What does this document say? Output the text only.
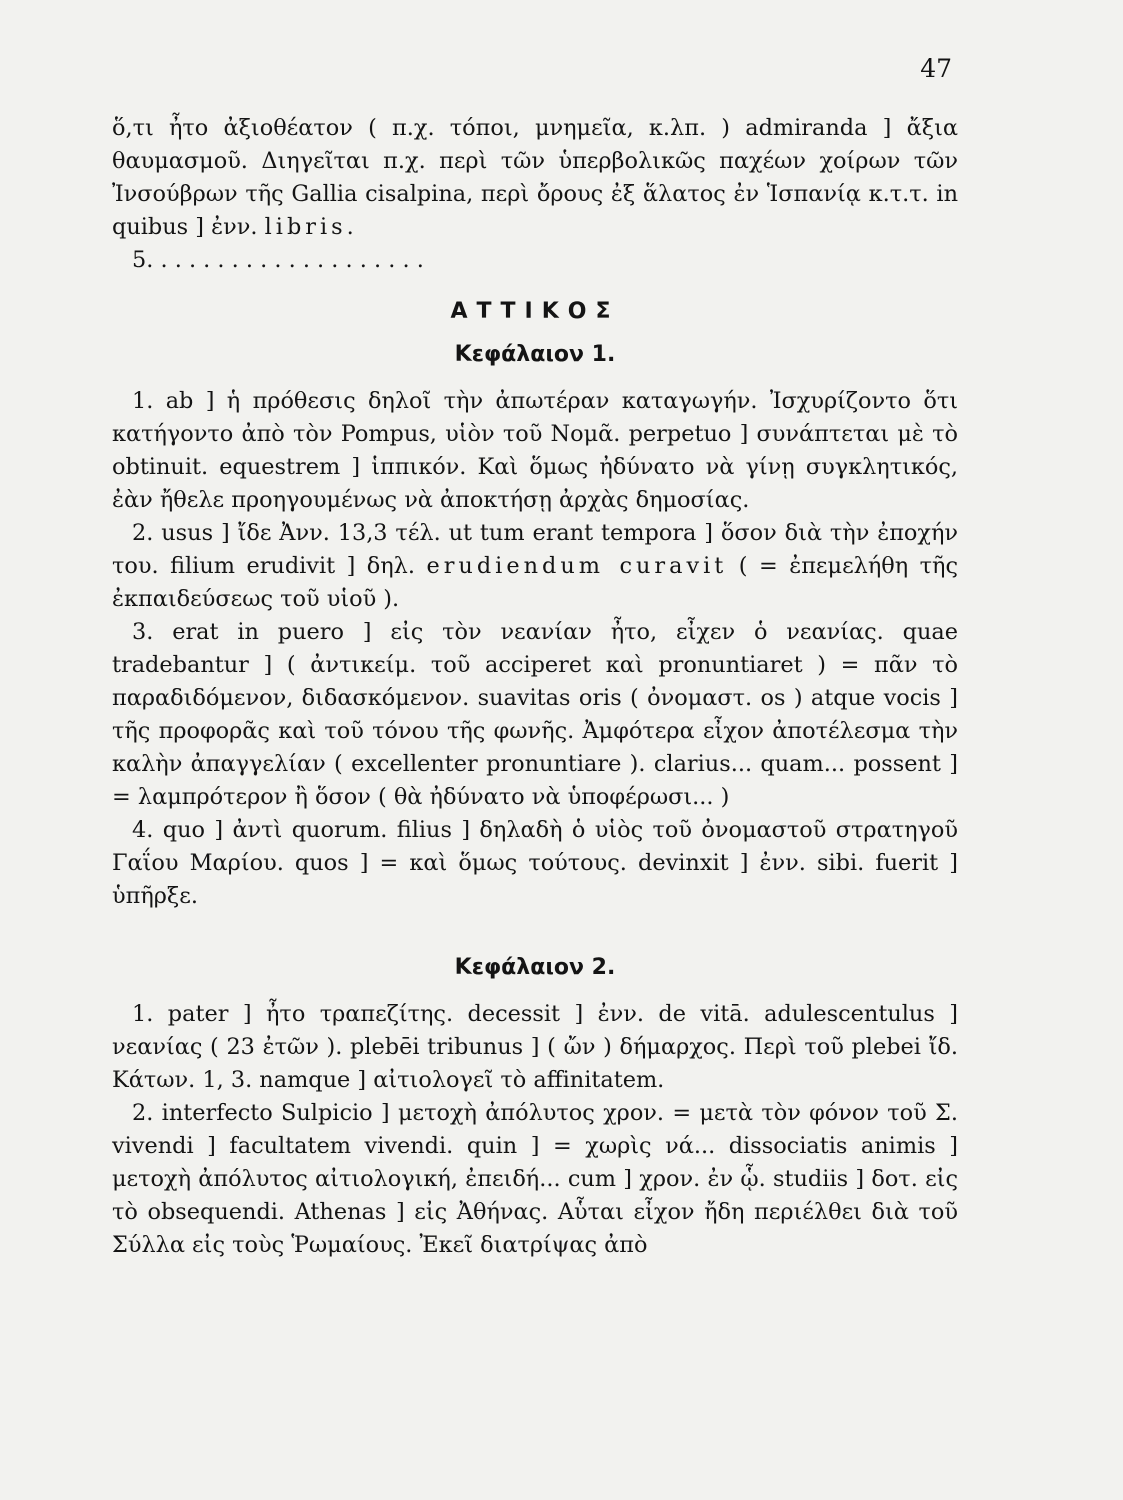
47

ὅ,τι ἦτο ἀξιοθέατον ( π.χ. τόποι, μνημεῖα, κ.λπ. ) admiranda ] ἄξια θαυμασμοῦ. Διηγεῖται π.χ. περὶ τῶν ὑπερβολικῶς παχέων χοίρων τῶν Ἰνσούβρων τῆς Gallia cisalpina, περὶ ὄρους ἐξ ἅλατος ἐν Ἱσπανίᾳ κ.τ.τ. in quibus ] ἐνν. libris.

5. . . . . . . . . . . . . . . . . . . .

ΑΤΤΙΚΟΣ
Κεφάλαιον 1.

1. ab ] ἡ πρόθεσις δηλοῖ τὴν ἀπωτέραν καταγωγήν. Ἰσχυρίζοντο ὅτι κατήγοντο ἀπὸ τὸν Pompus, υἱὸν τοῦ Νομᾶ. perpetuo ] συνάπτεται μὲ τὸ obtinuit. equestrem ] ἱππικόν. Καὶ ὅμως ἠδύνατο νὰ γίνῃ συγκλητικός, ἐὰν ἤθελε προηγουμένως νὰ ἀποκτήσῃ ἀρχὰς δημοσίας.

2. usus ] ἴδε Ἀνν. 13,3 τέλ. ut tum erant tempora ] ὅσον διὰ τὴν ἐποχήν του. filium erudivit ] δηλ. erudiendum curavit ( = ἐπεμελήθη τῆς ἐκπαιδεύσεως τοῦ υἱοῦ ).

3. erat in puero ] εἰς τὸν νεανίαν ἦτο, εἶχεν ὁ νεανίας. quae tradebantur ] ( ἀντικείμ. τοῦ acciperet καὶ pronuntiaret ) = πᾶν τὸ παραδιδόμενον, διδασκόμενον. suavitas oris ( ὀνομαστ. os ) atque vocis ] τῆς προφορᾶς καὶ τοῦ τόνου τῆς φωνῆς. Ἀμφότερα εἶχον ἀποτέλεσμα τὴν καλὴν ἀπαγγελίαν ( excellenter pronuntiare ). clarius... quam... possent ] = λαμπρότερον ἢ ὅσον ( θὰ ἠδύνατο νὰ ὑποφέρωσι... )

4. quo ] ἀντὶ quorum. filius ] δηλαδὴ ὁ υἱὸς τοῦ ὀνομαστοῦ στρατηγοῦ Γαΐου Μαρίου. quos ] = καὶ ὅμως τούτους. devinxit ] ἐνν. sibi. fuerit ] ὑπῆρξε.

Κεφάλαιον 2.

1. pater ] ἦτο τραπεζίτης. decessit ] ἐνν. de vitā. adulescentulus ] νεανίας ( 23 ἐτῶν ). plebēi tribunus ] ( ὤν ) δήμαρχος. Περὶ τοῦ plebei ἴδ. Κάτων. 1, 3. namque ] αἰτιολογεῖ τὸ affinitatem.

2. interfecto Sulpicio ] μετοχὴ ἀπόλυτος χρον. = μετὰ τὸν φόνον τοῦ Σ. vivendi ] facultatem vivendi. quin ] = χωρὶς νά... dissociatis animis ] μετοχὴ ἀπόλυτος αἰτιολογική, ἐπειδή... cum ] χρον. ἐν ᾧ. studiis ] δοτ. εἰς τὸ obsequendi. Athenas ] εἰς Ἀθήνας. Αὗται εἶχον ἤδη περιέλθει διὰ τοῦ Σύλλα εἰς τοὺς Ῥωμαίους. Ἐκεῖ διατρίψας ἀπὸ
